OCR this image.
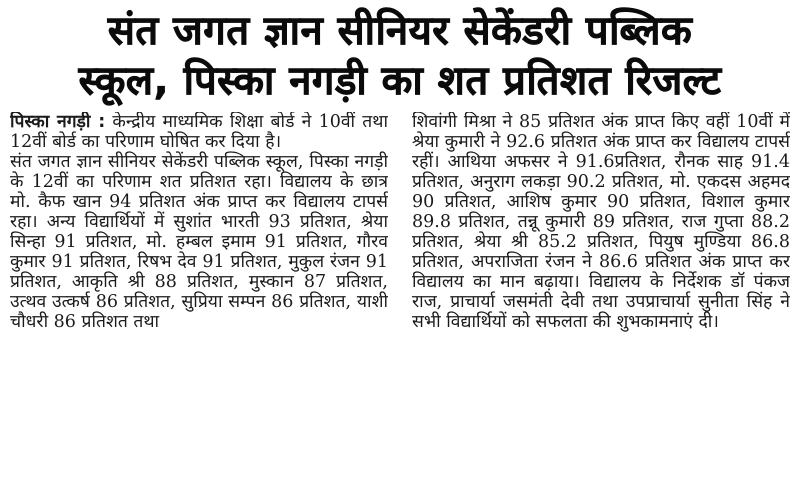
संत जगत ज्ञान सीनियर सेकेंडरी पब्लिक
स्कूल, पिस्का नगड़ी का शत प्रतिशत रिजल्ट

पिस्का नगड़ी : केन्द्रीय माध्यमिक शिक्षा बोर्ड ने 10वीं तथा 12वीं बोर्ड का परिणाम घोषित कर दिया है।

संत जगत ज्ञान सीनियर सेकेंडरी पब्लिक स्कूल, पिस्का नगड़ी के 12वीं का परिणाम शत प्रतिशत रहा। विद्यालय के छात्र मो. कैफ खान 94 प्रतिशत अंक प्राप्त कर विद्यालय टापर्स रहा। अन्य विद्यार्थियों में सुशांत भारती 93 प्रतिशत, श्रेया सिन्हा 91 प्रतिशत, मो. हम्बल इमाम 91 प्रतिशत, गौरव कुमार 91 प्रतिशत, रिषभ देव 91 प्रतिशत, मुकुल रंजन 91 प्रतिशत, आकृति श्री 88 प्रतिशत, मुस्कान 87 प्रतिशत, उत्थव उत्कर्ष 86 प्रतिशत, सुप्रिया सम्पन 86 प्रतिशत, याशी चौधरी 86 प्रतिशत तथा

शिवांगी मिश्रा ने 85 प्रतिशत अंक प्राप्त किए वहीं 10वीं में श्रेया कुमारी ने 92.6 प्रतिशत अंक प्राप्त कर विद्यालय टापर्स रहीं। आथिया अफसर ने 91.6प्रतिशत, रौनक साह 91.4 प्रतिशत, अनुराग लकड़ा 90.2 प्रतिशत, मो. एकदस अहमद 90 प्रतिशत, आशिष कुमार 90 प्रतिशत, विशाल कुमार 89.8 प्रतिशत, तन्नू कुमारी 89 प्रतिशत, राज गुप्ता 88.2 प्रतिशत, श्रेया श्री 85.2 प्रतिशत, पियुष मुण्डिया 86.8 प्रतिशत, अपराजिता रंजन ने 86.6 प्रतिशत अंक प्राप्त कर विद्यालय का मान बढ़ाया। विद्यालय के निर्देशक डॉ पंकज राज, प्राचार्या जसमंती देवी तथा उपप्राचार्या सुनीता सिंह ने सभी विद्यार्थियों को सफलता की शुभकामनाएं दी।
